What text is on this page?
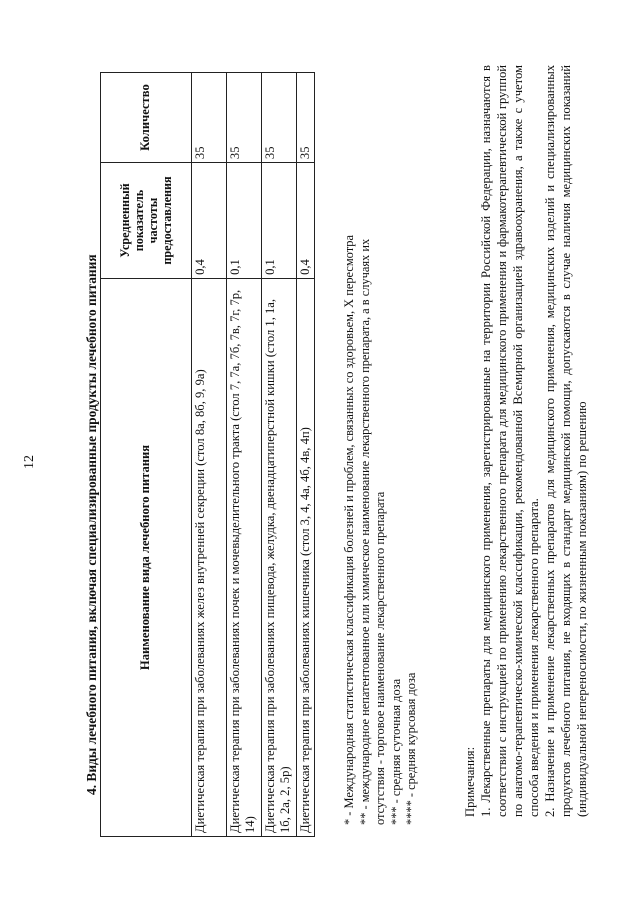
12	4. Виды лечебного питания, включая специализированные продукты лечебного питания	Наименование вида лечебного питания	Усредненный показатель частоты предоставления	Количество
Диетическая терапия при заболеваниях желез внутренней секреции (стол 8а, 8б, 9, 9а)	0,4	35
Диетическая терапия при заболеваниях почек и мочевыделительного тракта (стол 7, 7а, 7б, 7в, 7г, 7р, 14)	0,1	35
Диетическая терапия при заболеваниях пищевода, желудка, двенадцатиперстной кишки (стол 1, 1а, 1б, 2а, 2, 5р)	0,1	35
Диетическая терапия при заболеваниях кишечника (стол 3, 4, 4а, 4б, 4в, 4п)	0,4	35
* - Международная статистическая классификация болезней и проблем, связанных со здоровьем, X пересмотра ** - международное непатентованное или химическое наименование лекарственного препарата, а в случаях их отсутствия - торговое наименование лекарственного препарата *** - средняя суточная доза **** - средняя курсовая доза	Примечания: 1. Лекарственные препараты для медицинского применения, зарегистрированные на территории Российской Федерации, назначаются в соответствии с инструкцией по применению лекарственного препарата для медицинского применения и фармакотерапевтической группой по анатомо-терапевтическо-химической классификации, рекомендованной Всемирной организацией здравоохранения, а также с учетом способа введения и применения лекарственного препарата. 2. Назначение и применение лекарственных препаратов для медицинского применения, медицинских изделий и специализированных продуктов лечебного питания, не входящих в стандарт медицинской помощи, допускаются в случае наличия медицинских показаний (индивидуальной непереносимости, по жизненным показаниям) по решению
